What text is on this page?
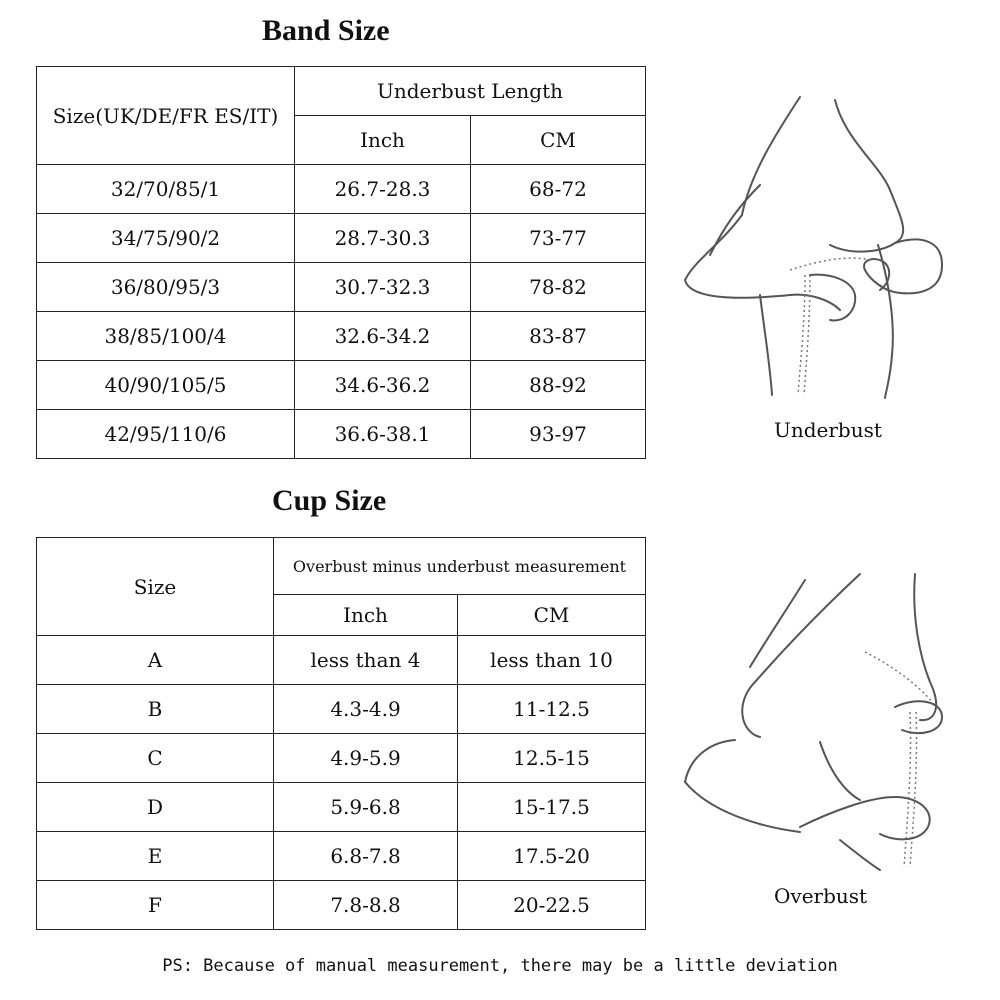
Band Size
Size(UK/DE/FR ES/IT)	Underbust Length	
	Inch	CM
32/70/85/1	26.7-28.3	68-72
34/75/90/2	28.7-30.3	73-77
36/80/95/3	30.7-32.3	78-82
38/85/100/4	32.6-34.2	83-87
40/90/105/5	34.6-36.2	88-92
42/95/110/6	36.6-38.1	93-97
Cup Size
Size	Overbust minus underbust measurement	
	Inch	CM
A	less than 4	less than 10
B	4.3-4.9	11-12.5
C	4.9-5.9	12.5-15
D	5.9-6.8	15-17.5
E	6.8-7.8	17.5-20
F	7.8-8.8	20-22.5
Underbust
Overbust
PS: Because of manual measurement, there may be a little deviation
